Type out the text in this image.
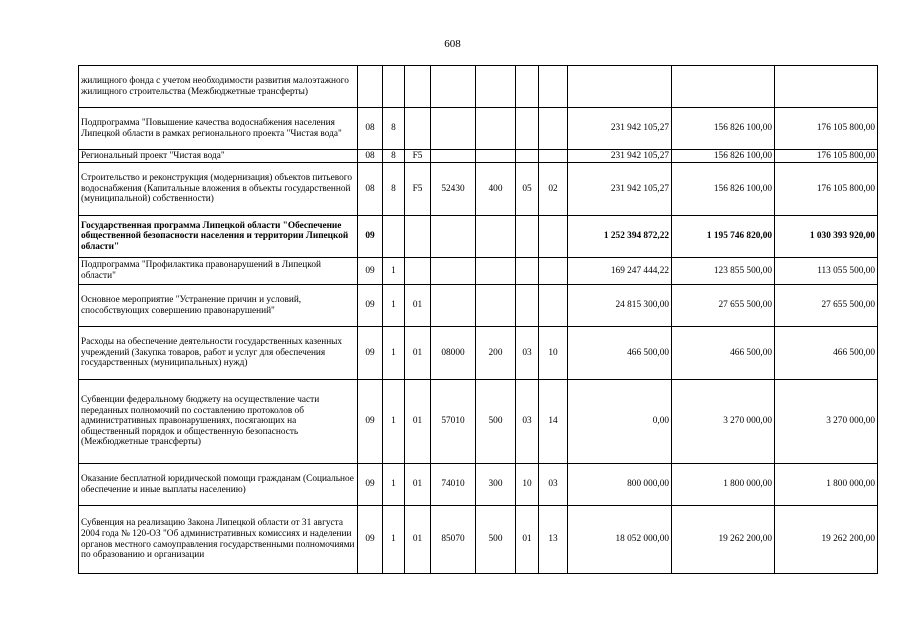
608
жилищного фонда с учетом необходимости развития малоэтажного жилищного строительства (Межбюджетные трансферты)										
Подпрограмма "Повышение качества водоснабжения населения Липецкой области в рамках регионального проекта "Чистая вода"	08	8						231 942 105,27	156 826 100,00	176 105 800,00
Региональный проект "Чистая вода"	08	8	F5					231 942 105,27	156 826 100,00	176 105 800,00
Строительство и реконструкция (модернизация) объектов питьевого водоснабжения (Капитальные вложения в объекты государственной (муниципальной) собственности)	08	8	F5	52430	400	05	02	231 942 105,27	156 826 100,00	176 105 800,00
Государственная программа Липецкой области "Обеспечение общественной безопасности населения и территории Липецкой области"	09							1 252 394 872,22	1 195 746 820,00	1 030 393 920,00
Подпрограмма "Профилактика правонарушений в Липецкой области"	09	1						169 247 444,22	123 855 500,00	113 055 500,00
Основное мероприятие "Устранение причин и условий, способствующих совершению правонарушений"	09	1	01					24 815 300,00	27 655 500,00	27 655 500,00
Расходы на обеспечение деятельности государственных казенных учреждений (Закупка товаров, работ и услуг для обеспечения государственных (муниципальных) нужд)	09	1	01	08000	200	03	10	466 500,00	466 500,00	466 500,00
Субвенции федеральному бюджету на осуществление части переданных полномочий по составлению протоколов об административных правонарушениях, посягающих на общественный порядок и общественную безопасность (Межбюджетные трансферты)	09	1	01	57010	500	03	14	0,00	3 270 000,00	3 270 000,00
Оказание бесплатной юридической помощи гражданам (Социальное обеспечение и иные выплаты населению)	09	1	01	74010	300	10	03	800 000,00	1 800 000,00	1 800 000,00
Субвенция на реализацию Закона Липецкой области от 31 августа 2004 года № 120-ОЗ "Об административных комиссиях и наделении органов местного самоуправления государственными полномочиями по образованию и организации	09	1	01	85070	500	01	13	18 052 000,00	19 262 200,00	19 262 200,00
